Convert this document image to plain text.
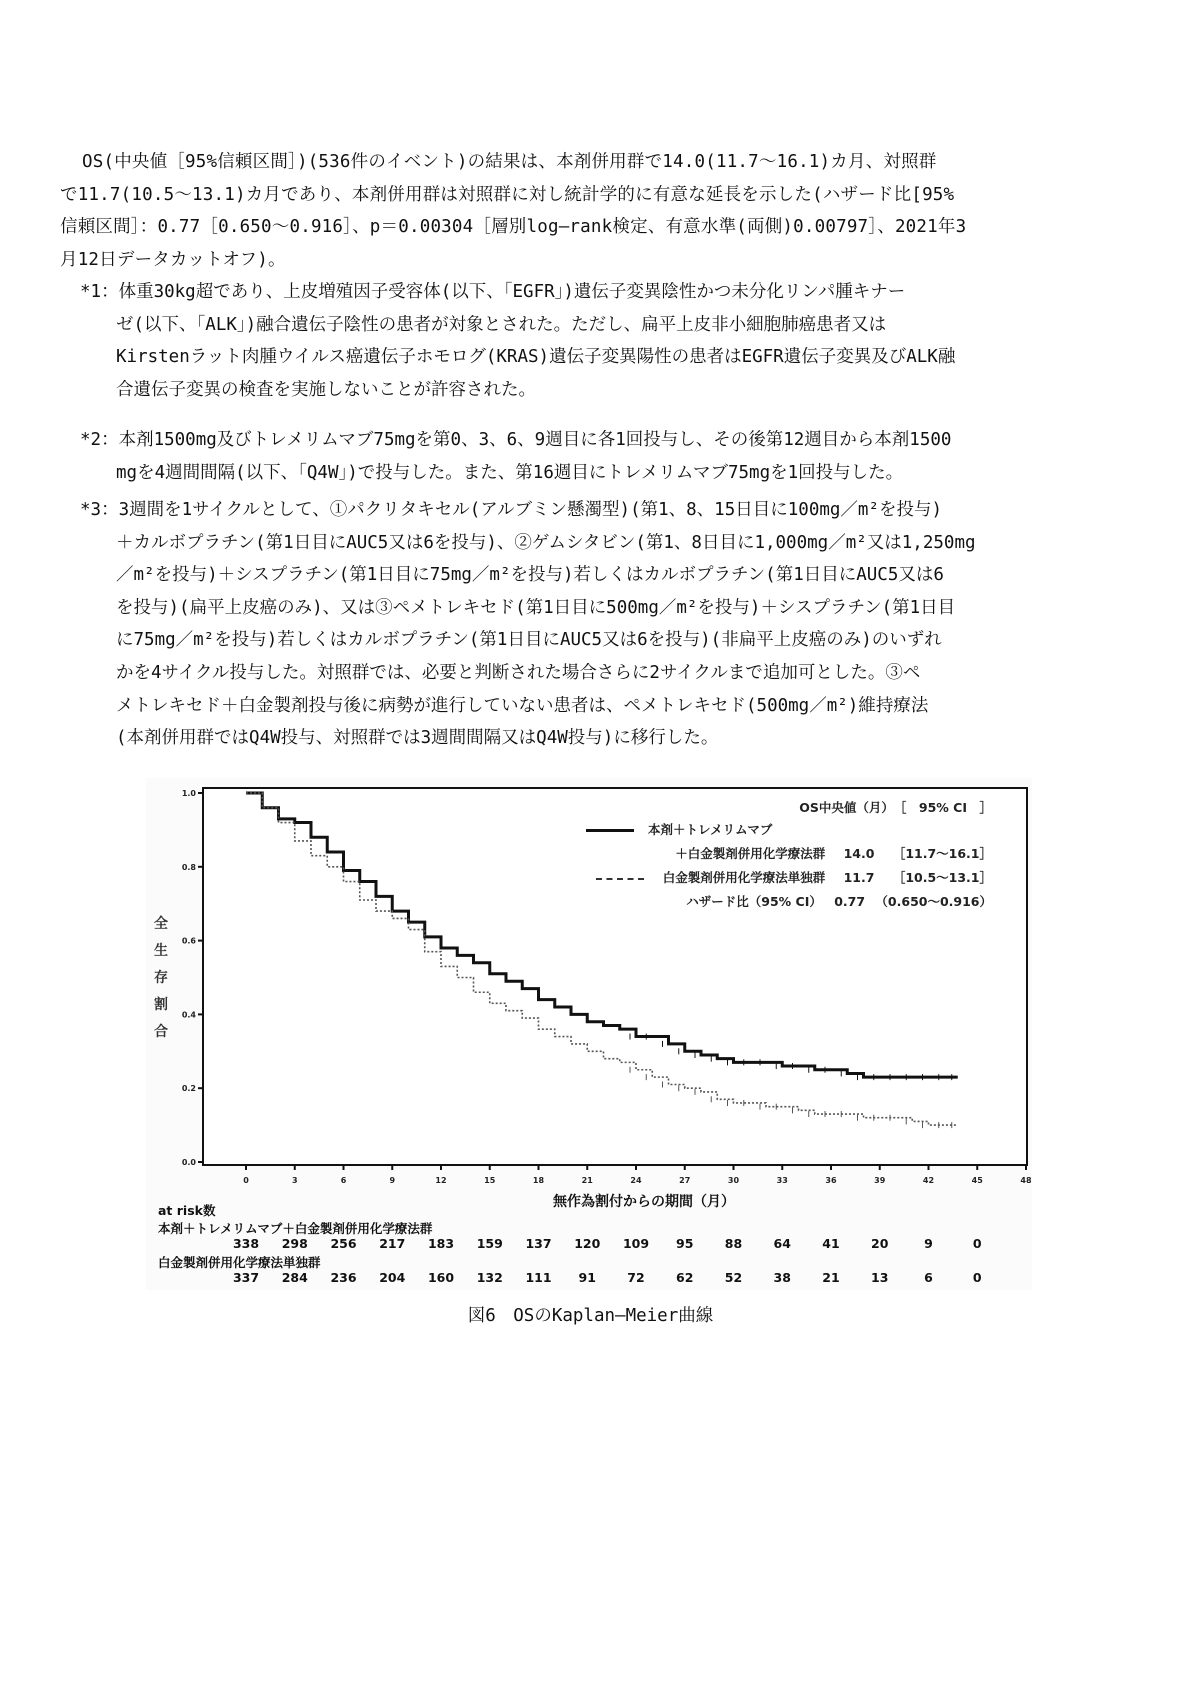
OS(中央値［95%信頼区間］)(536件のイベント)の結果は、本剤併用群で14.0(11.7～16.1)カ月、対照群

で11.7(10.5～13.1)カ月であり、本剤併用群は対照群に対し統計学的に有意な延長を示した(ハザード比[95%

信頼区間］：0.77［0.650～0.916］、p＝0.00304［層別log―rank検定、有意水準(両側)0.00797］、2021年3

月12日データカットオフ)。

*1：体重30kg超であり、上皮増殖因子受容体(以下、「EGFR」)遺伝子変異陰性かつ未分化リンパ腫キナー
ゼ(以下、「ALK」)融合遺伝子陰性の患者が対象とされた。ただし、扁平上皮非小細胞肺癌患者又は
Kirstenラット肉腫ウイルス癌遺伝子ホモログ(KRAS)遺伝子変異陽性の患者はEGFR遺伝子変異及びALK融
合遺伝子変異の検査を実施しないことが許容された。
*2：本剤1500mg及びトレメリムマブ75mgを第0、3、6、9週目に各1回投与し、その後第12週目から本剤1500
mgを4週間間隔(以下、「Q4W」)で投与した。また、第16週目にトレメリムマブ75mgを1回投与した。
*3：3週間を1サイクルとして、①パクリタキセル(アルブミン懸濁型)(第1、8、15日目に100mg／m²を投与)
＋カルボプラチン(第1日目にAUC5又は6を投与)、②ゲムシタビン(第1、8日目に1,000mg／m²又は1,250mg
／m²を投与)＋シスプラチン(第1日目に75mg／m²を投与)若しくはカルボプラチン(第1日目にAUC5又は6
を投与)(扁平上皮癌のみ)、又は③ペメトレキセド(第1日目に500mg／m²を投与)＋シスプラチン(第1日目
に75mg／m²を投与)若しくはカルボプラチン(第1日目にAUC5又は6を投与)(非扁平上皮癌のみ)のいずれ
かを4サイクル投与した。対照群では、必要と判断された場合さらに2サイクルまで追加可とした。③ペ
メトレキセド＋白金製剤投与後に病勢が進行していない患者は、ペメトレキセド(500mg／m²)維持療法
(本剤併用群ではQ4W投与、対照群では3週間間隔又はQ4W投与)に移行した。
0.0
0.2
0.4
0.6
0.8
1.0
0	3	6	9	12	15	18	21	24	27	30	33	36	39	42	45	48
全
生
存
割
合
OS中央値（月）　［　95% CI　］
本剤＋トレメリムマブ
＋白金製剤併用化学療法群 14.0 ［11.7～16.1］
白金製剤併用化学療法単独群 11.7 ［10.5～13.1］
ハザード比（95% CI） 0.77 （0.650～0.916）
無作為割付からの期間（月）
at risk数
本剤＋トレメリムマブ＋白金製剤併用化学療法群
338	298	256	217	183	159	137	120	109	95	88	64	41	20	9	0
白金製剤併用化学療法単独群
337	284	236	204	160	132	111	91	72	62	52	38	21	13	6	0
図6　OSのKaplan―Meier曲線
